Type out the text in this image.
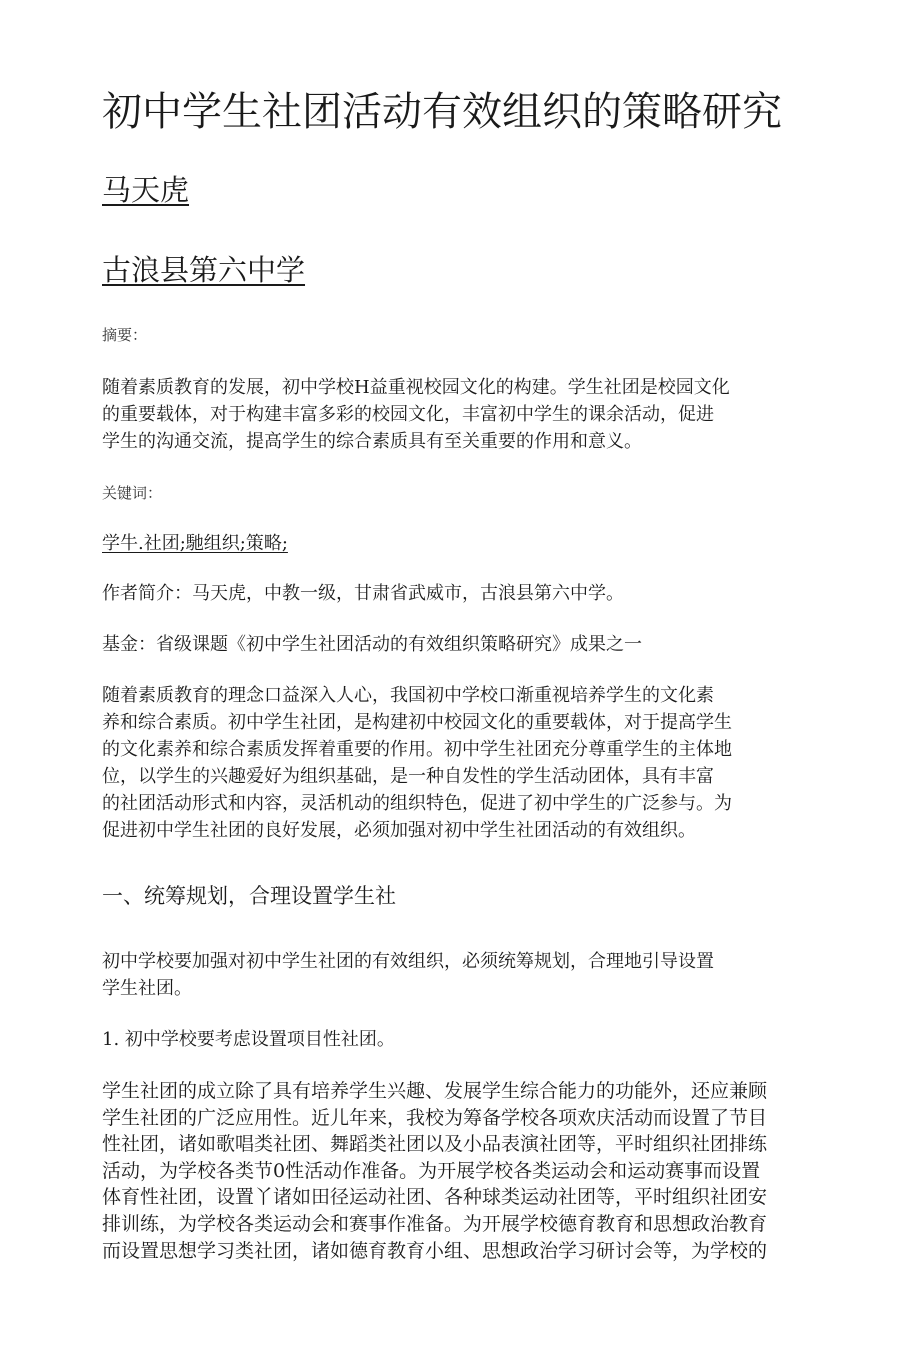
初中学生社团活动有效组织的策略研究
马天虎
古浪县第六中学
摘要：
随着素质教育的发展，初中学校H益重视校园文化的构建。学生社团是校园文化
的重要载体，对于构建丰富多彩的校园文化，丰富初中学生的课余活动，促进
学生的沟通交流，提高学生的综合素质具有至关重要的作用和意义。
关键词：
学牛.社团;馳组织;策略;
作者简介：马天虎，中教一级，甘肃省武威市，古浪县第六中学。
基金：省级课题《初中学生社团活动的有效组织策略研究》成果之一
随着素质教育的理念口益深入人心，我国初中学校口渐重视培养学生的文化素
养和综合素质。初中学生社团，是构建初中校园文化的重要载体，对于提高学生
的文化素养和综合素质发挥着重要的作用。初中学生社团充分尊重学生的主体地
位，以学生的兴趣爱好为组织基础，是一种自发性的学生活动团体，具有丰富
的社团活动形式和内容，灵活机动的组织特色，促进了初中学生的广泛参与。为
促进初中学生社团的良好发展，必须加强对初中学生社团活动的有效组织。
一、统筹规划，合理设置学生社
初中学校要加强对初中学生社团的有效组织，必须统筹规划，合理地引导设置
学生社团。
1. 初中学校要考虑设置项目性社团。
学生社团的成立除了具有培养学生兴趣、发展学生综合能力的功能外，还应兼顾
学生社团的广泛应用性。近儿年来，我校为筹备学校各项欢庆活动而设置了节目
性社团，诸如歌唱类社团、舞蹈类社团以及小品表演社团等，平时组织社团排练
活动，为学校各类节0性活动作准备。为开展学校各类运动会和运动赛事而设置
体育性社团，设置丫诸如田径运动社团、各种球类运动社团等，平时组织社团安
排训练，为学校各类运动会和赛事作准备。为开展学校德育教育和思想政治教育
而设置思想学习类社团，诸如德育教育小组、思想政治学习研讨会等，为学校的
